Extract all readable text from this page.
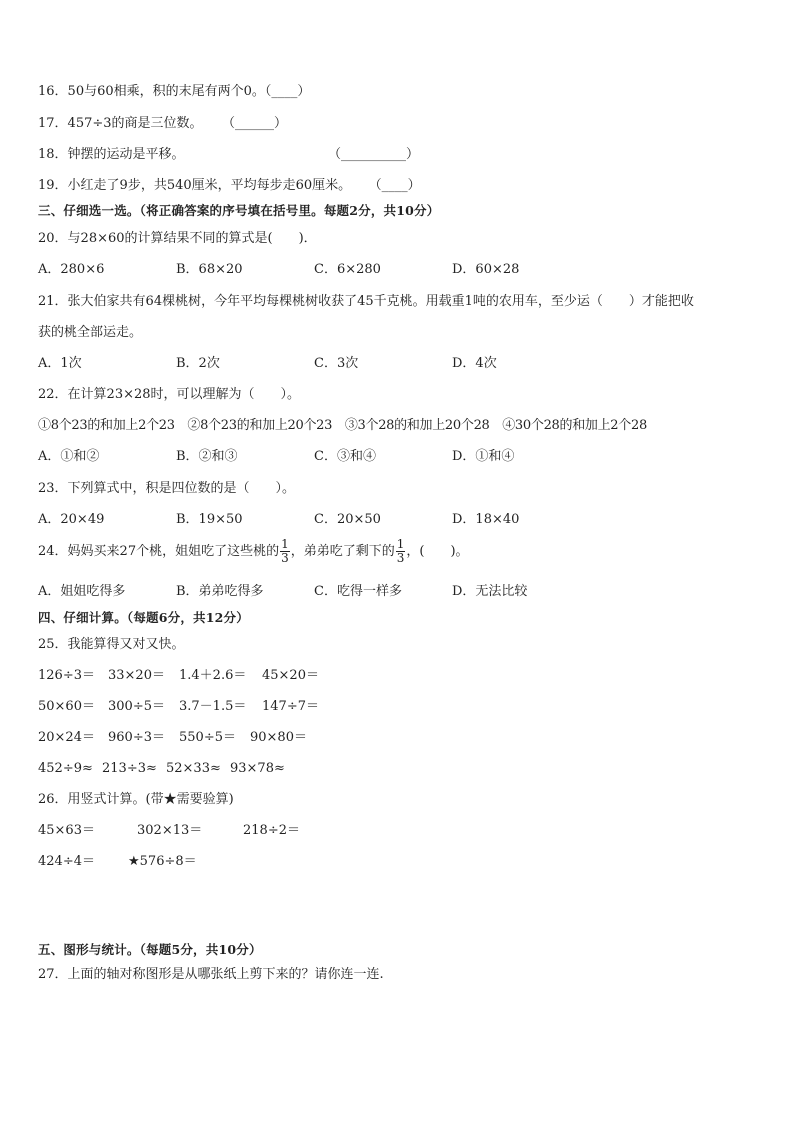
16．50与60相乘，积的末尾有两个0。（____）
17．457÷3的商是三位数。 （______）
18．钟摆的运动是平移。	（__________）
19．小红走了9步，共540厘米，平均每步走60厘米。 （____）
三、仔细选一选。（将正确答案的序号填在括号里。每题2分，共10分）
20．与28×60的计算结果不同的算式是(　　)．
A．280×6	B．68×20	C．6×280	D．60×28
21．张大伯家共有64棵桃树，今年平均每棵桃树收获了45千克桃。用载重1吨的农用车，至少运（　　）才能把收
获的桃全部运走。
A．1次	B．2次	C．3次	D．4次
22．在计算23×28时，可以理解为（　　）。
①8个23的和加上2个23　②8个23的和加上20个23　③3个28的和加上20个28　④30个28的和加上2个28
A．①和②	B．②和③	C．③和④	D．①和④
23．下列算式中，积是四位数的是（　　）。
A．20×49	B．19×50	C．20×50	D．18×40
24．妈妈买来27个桃，姐姐吃了这些桃的 $\frac{1}{3}$ ，弟弟吃了剩下的 $\frac{1}{3}$ ，(　　)。
A．姐姐吃得多	B．弟弟吃得多	C．吃得一样多	D．无法比较
四、仔细计算。（每题6分，共12分）
25．我能算得又对又快。
126÷3＝ 33×20＝ 1.4＋2.6＝ 45×20＝
50×60＝ 300÷5＝ 3.7－1.5＝ 147÷7＝
20×24＝ 960÷3＝ 550÷5＝ 90×80＝
452÷9≈ 213÷3≈ 52×33≈ 93×78≈
26．用竖式计算。(带★需要验算)
45×63＝	302×13＝	218÷2＝
424÷4＝	★576÷8＝
五、图形与统计。（每题5分，共10分）
27．上面的轴对称图形是从哪张纸上剪下来的？请你连一连.
